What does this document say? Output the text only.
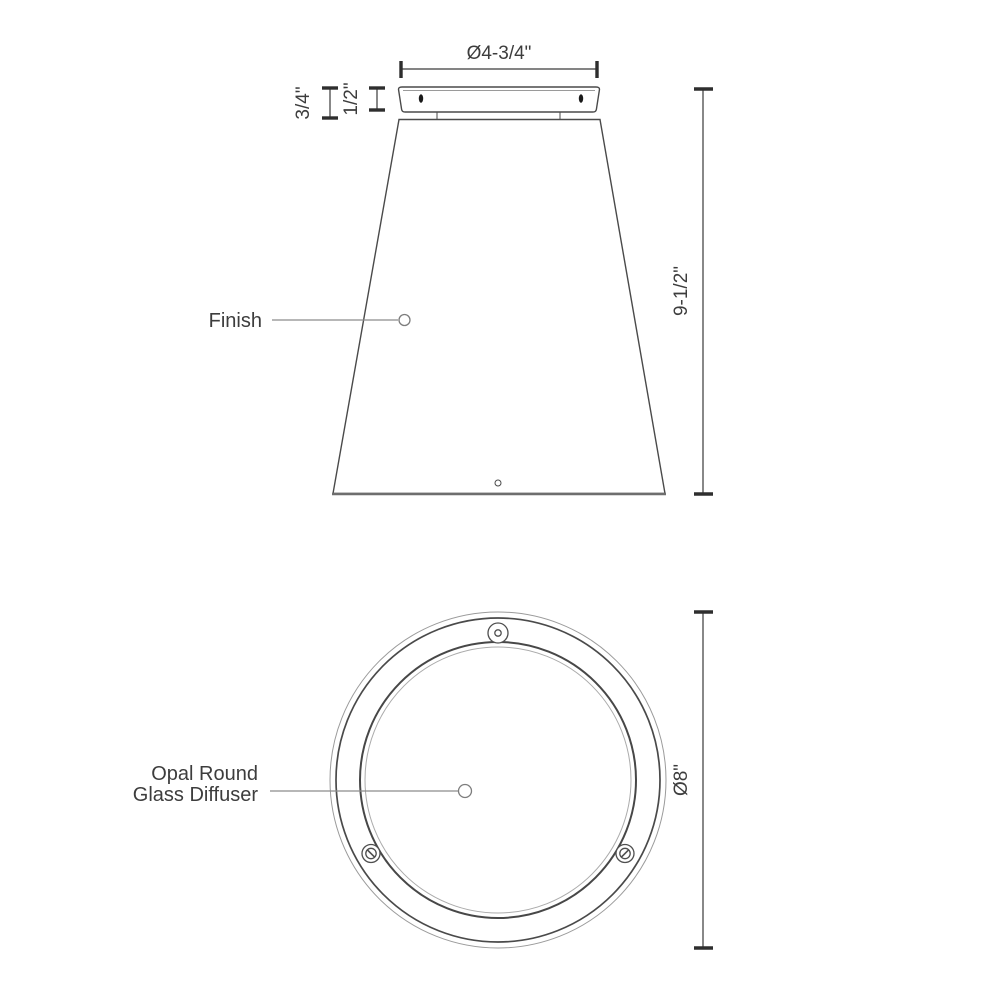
Ø4-3/4"
3/4" 1/2"
9-1/2"
Finish
Ø8"
Opal Round
Glass Diffuser
